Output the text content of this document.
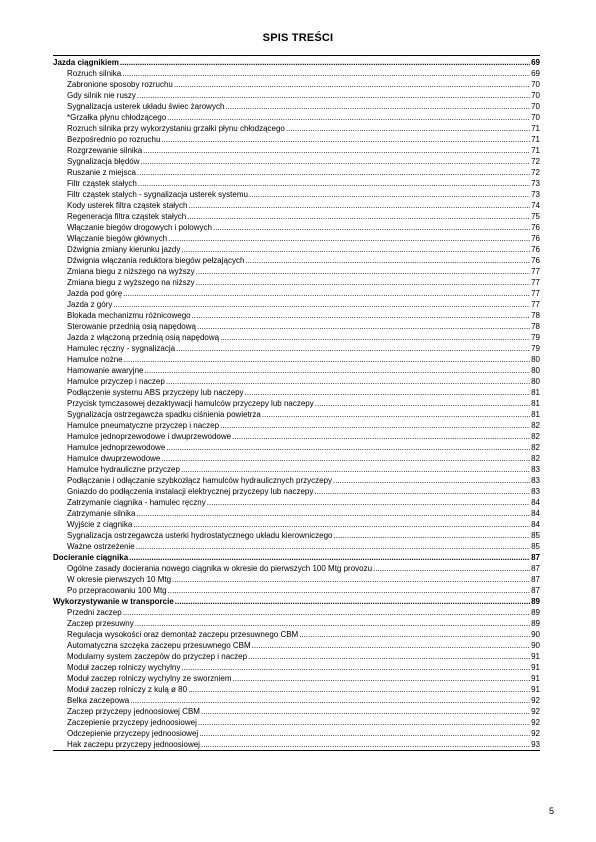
SPIS TREŚCI
Jazda ciągnikiem .....	69
Rozruch silnika .....	69
Zabronione sposoby rozruchu .....	70
Gdy silnik nie ruszy .....	70
Sygnalizacja usterek układu świec żarowych .....	70
*Grzałka płynu chłodzącego .....	70
Rozruch silnika przy wykorzystaniu grzałki płynu chłodzącego .....	71
Bezpośrednio po rozruchu .....	71
Rozgrzewanie silnika .....	71
Sygnalizacja błędów .....	72
Ruszanie z miejsca .....	72
Filtr cząstek stałych .....	73
Filtr cząstek stałych - sygnalizacja usterek systemu .....	73
Kody usterek filtra cząstek stałych .....	74
Regeneracja filtra cząstek stałych .....	75
Włączanie biegów drogowych i polowych .....	76
Włączanie biegów głównych .....	76
Dźwignia zmiany kierunku jazdy .....	76
Dźwignia włączania reduktora biegów pełzających .....	76
Zmiana biegu z niższego na wyższy .....	77
Zmiana biegu z wyższego na niższy .....	77
Jazda pod górę .....	77
Jazda z góry .....	77
Blokada mechanizmu różnicowego .....	78
Sterowanie przednią osią napędową .....	78
Jazda z włączoną przednią osią napędową .....	79
Hamulec ręczny - sygnalizacja .....	79
Hamulce nożne .....	80
Hamowanie awaryjne .....	80
Hamulce przyczep i naczep .....	80
Podłączenie systemu ABS przyczepy lub naczepy .....	81
Przycisk tymczasowej dezaktywacji hamulców przyczepy lub naczepy .....	81
Sygnalizacja ostrzegawcza spadku ciśnienia powietrza .....	81
Hamulce pneumatyczne przyczep i naczep .....	82
Hamulce jednoprzewodowe i dwuprzewodowe .....	82
Hamulce jednoprzewodowe .....	82
Hamulce dwuprzewodowe .....	82
Hamulce hydrauliczne przyczep .....	83
Podłączanie i odłączanie szybkozłącz hamulców hydraulicznych przyczepy .....	83
Gniazdo do podłączenia instalacji elektrycznej przyczepy lub naczepy .....	83
Zatrzymanie ciągnika - hamulec ręczny .....	84
Zatrzymanie silnika .....	84
Wyjście z ciągnika .....	84
Sygnalizacja ostrzegawcza usterki hydrostatycznego układu kierowniczego .....	85
Ważne ostrzeżenie .....	85
Docieranie ciągnika .....	87
Ogólne zasady docierania nowego ciągnika w okresie do pierwszych 100 Mtg provozu .....	87
W okresie pierwszych 10 Mtg .....	87
Po przepracowaniu 100 Mtg .....	87
Wykorzystywanie w transporcie .....	89
Przedni zaczep .....	89
Zaczep przesuwny .....	89
Regulacja wysokości oraz demontaż zaczepu przesuwnego CBM .....	90
Automatyczna szczęka zaczepu przesuwnego CBM .....	90
Modularny system zaczepów do przyczep i naczep .....	91
Moduł zaczep rolniczy wychylny .....	91
Moduł zaczep rolniczy wychylny ze sworzniem .....	91
Moduł zaczep rolniczy z kulą ø 80 .....	91
Belka zaczepowa .....	92
Zaczep przyczepy jednoosiowej CBM .....	92
Zaczepienie przyczepy jednoosiowej .....	92
Odczepienie przyczepy jednoosiowej .....	92
Hak zaczepu przyczepy jednoosiowej .....	93
5
